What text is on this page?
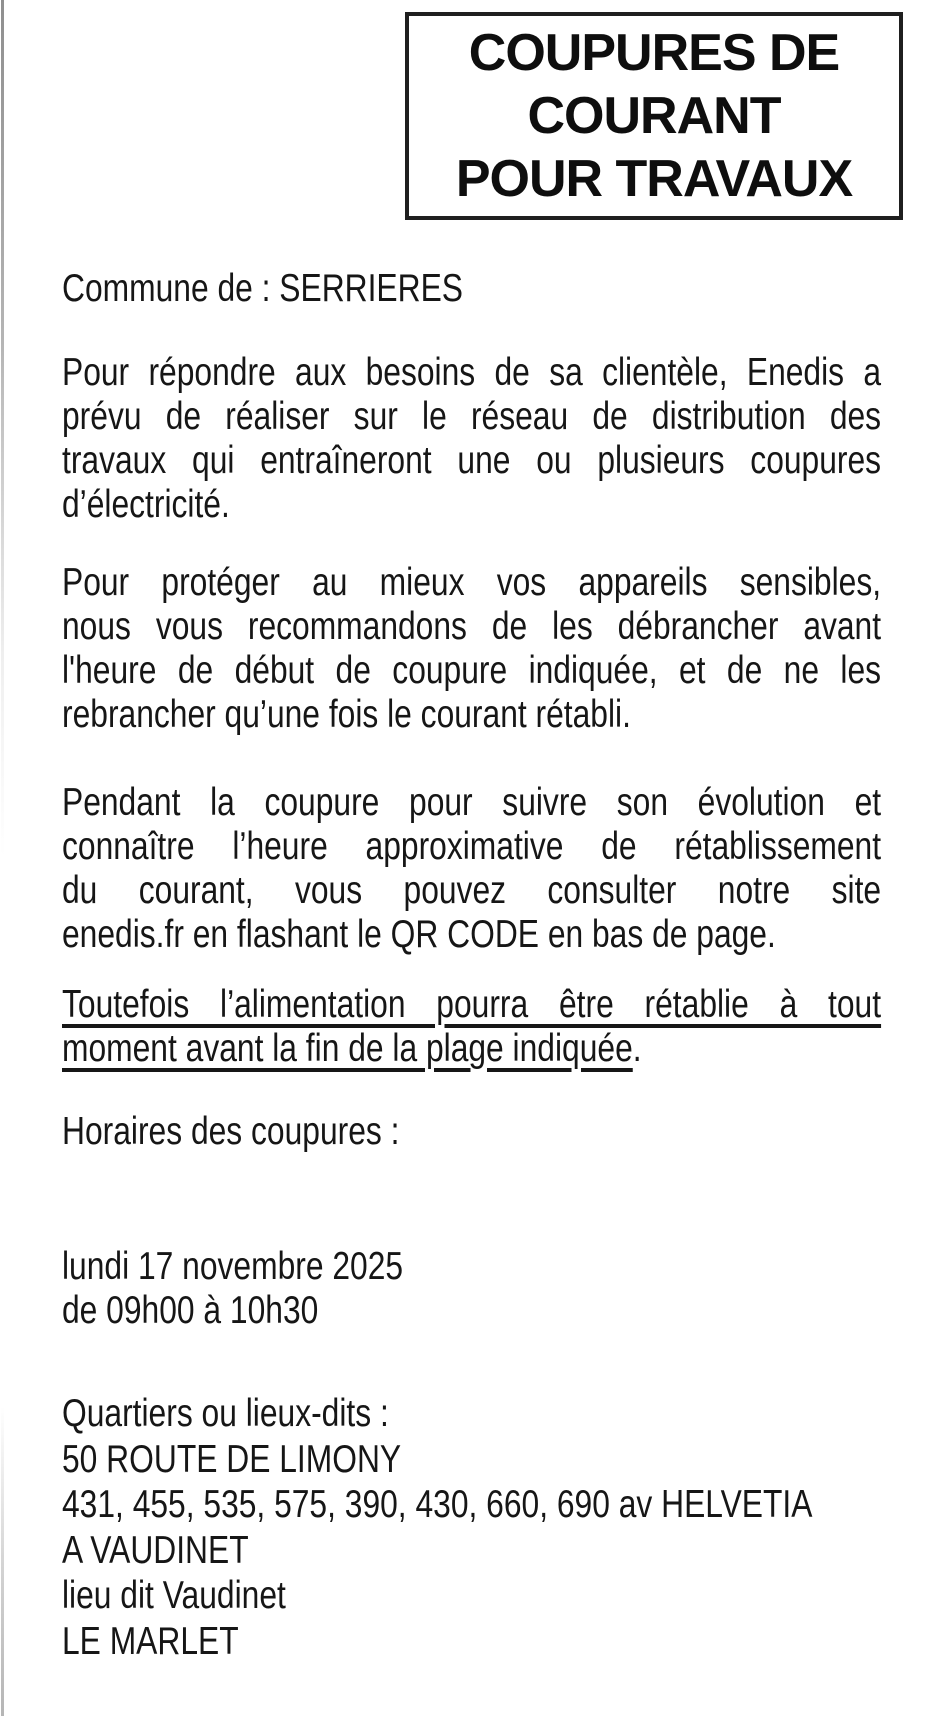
COUPURES DE
COURANT
POUR TRAVAUX
Commune de : SERRIERES
Pour répondre aux besoins de sa clientèle, Enedis a
prévu de réaliser sur le réseau de distribution des
travaux qui entraîneront une ou plusieurs coupures
d’électricité.
Pour protéger au mieux vos appareils sensibles,
nous vous recommandons de les débrancher avant
l'heure de début de coupure indiquée, et de ne les
rebrancher qu’une fois le courant rétabli.
Pendant la coupure pour suivre son évolution et
connaître l’heure approximative de rétablissement
du courant, vous pouvez consulter notre site
enedis.fr en flashant le QR CODE en bas de page.
Toutefois l’alimentation pourra être rétablie à tout
moment avant la fin de la plage indiquée.
Horaires des coupures :
lundi 17 novembre 2025
de 09h00 à 10h30
Quartiers ou lieux-dits :
50 ROUTE DE LIMONY
431, 455, 535, 575, 390, 430, 660, 690 av HELVETIA
A VAUDINET
lieu dit Vaudinet
LE MARLET
